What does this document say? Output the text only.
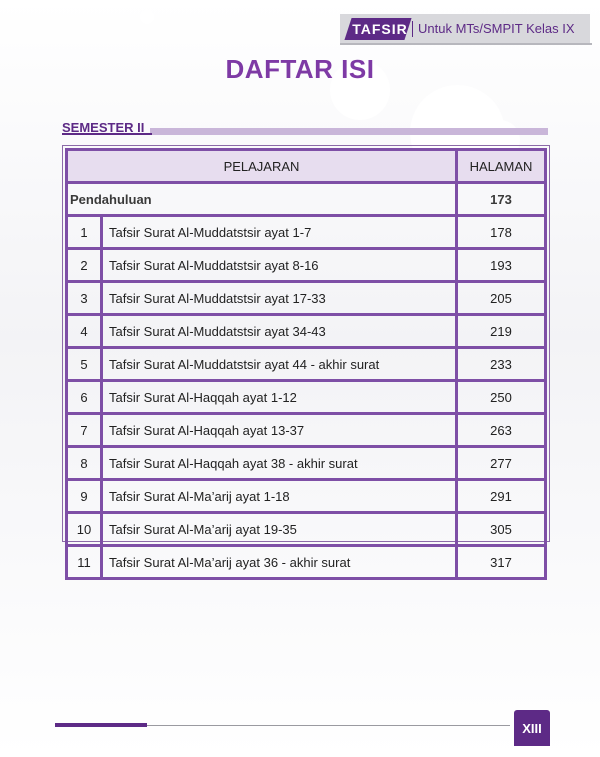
TAFSIR Untuk MTs/SMPIT Kelas IX
DAFTAR ISI
SEMESTER II
PELAJARAN		HALAMAN
Pendahuluan		173
1	Tafsir Surat Al-Muddatstsir ayat 1-7	178
2	Tafsir Surat Al-Muddatstsir ayat 8-16	193
3	Tafsir Surat Al-Muddatstsir ayat 17-33	205
4	Tafsir Surat Al-Muddatstsir ayat 34-43	219
5	Tafsir Surat Al-Muddatstsir ayat 44 - akhir surat	233
6	Tafsir Surat Al-Haqqah ayat 1-12	250
7	Tafsir Surat Al-Haqqah ayat 13-37	263
8	Tafsir Surat Al-Haqqah ayat 38 - akhir surat	277
9	Tafsir Surat Al-Ma’arij ayat 1-18	291
10	Tafsir Surat Al-Ma’arij ayat 19-35	305
11	Tafsir Surat Al-Ma’arij ayat 36 - akhir surat	317
XIII
